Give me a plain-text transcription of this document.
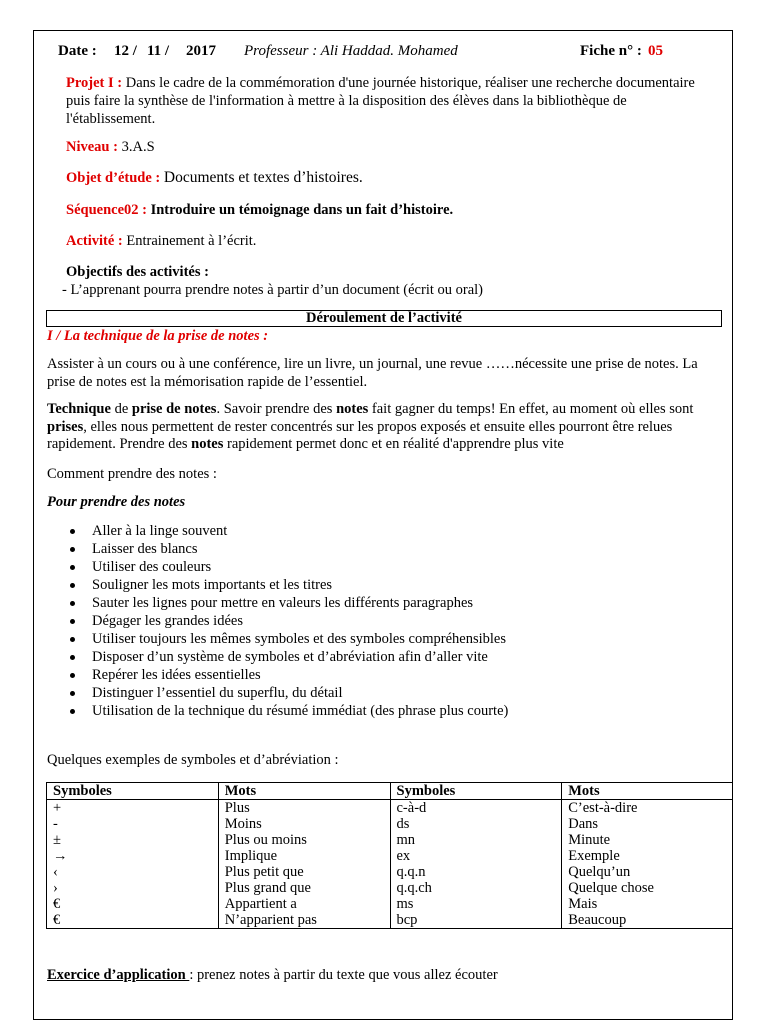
Date : 12 / 11 / 2017 Professeur : Ali Haddad. Mohamed	Fiche n° : 05
Projet I : Dans le cadre de la commémoration d'une journée historique, réaliser une recherche documentaire puis faire la synthèse de l'information à mettre à la disposition des élèves dans la bibliothèque de l'établissement.
Niveau : 3.A.S
Objet d’étude : Documents et textes d’histoires.
Séquence02 : Introduire un témoignage dans un fait d’histoire.
Activité : Entrainement à l’écrit.
Objectifs des activités :
- L’apprenant pourra prendre notes à partir d’un document (écrit ou oral)
Déroulement de l’activité
I / La technique de la prise de notes :
Assister à un cours ou à une conférence, lire un livre, un journal, une revue ……nécessite une prise de notes. La prise de notes est la mémorisation rapide de l’essentiel.
Technique de prise de notes. Savoir prendre des notes fait gagner du temps! En effet, au moment où elles sont prises, elles nous permettent de rester concentrés sur les propos exposés et ensuite elles pourront être relues rapidement. Prendre des notes rapidement permet donc et en réalité d'apprendre plus vite
Comment prendre des notes :
Pour prendre des notes
Aller à la linge souvent
Laisser des blancs
Utiliser des couleurs
Souligner les mots importants et les titres
Sauter les lignes pour mettre en valeurs les différents paragraphes
Dégager les grandes idées
Utiliser toujours les mêmes symboles et des symboles compréhensibles
Disposer d’un système de symboles et d’abréviation afin d’aller vite
Repérer les idées essentielles
Distinguer l’essentiel du superflu, du détail
Utilisation de la technique du résumé immédiat (des phrase plus courte)
Quelques exemples de symboles et d’abréviation :
Symboles	Mots	Symboles	Mots
+	Plus	c-à-d	C’est-à-dire
-	Moins	ds	Dans
±	Plus ou moins	mn	Minute
→	Implique	ex	Exemple
‹	Plus petit que	q.q.n	Quelqu’un
›	Plus grand que	q.q.ch	Quelque chose
€	Appartient a	ms	Mais
€	N’apparient pas	bcp	Beaucoup
Exercice d’application : prenez notes à partir du texte que vous allez écouter
